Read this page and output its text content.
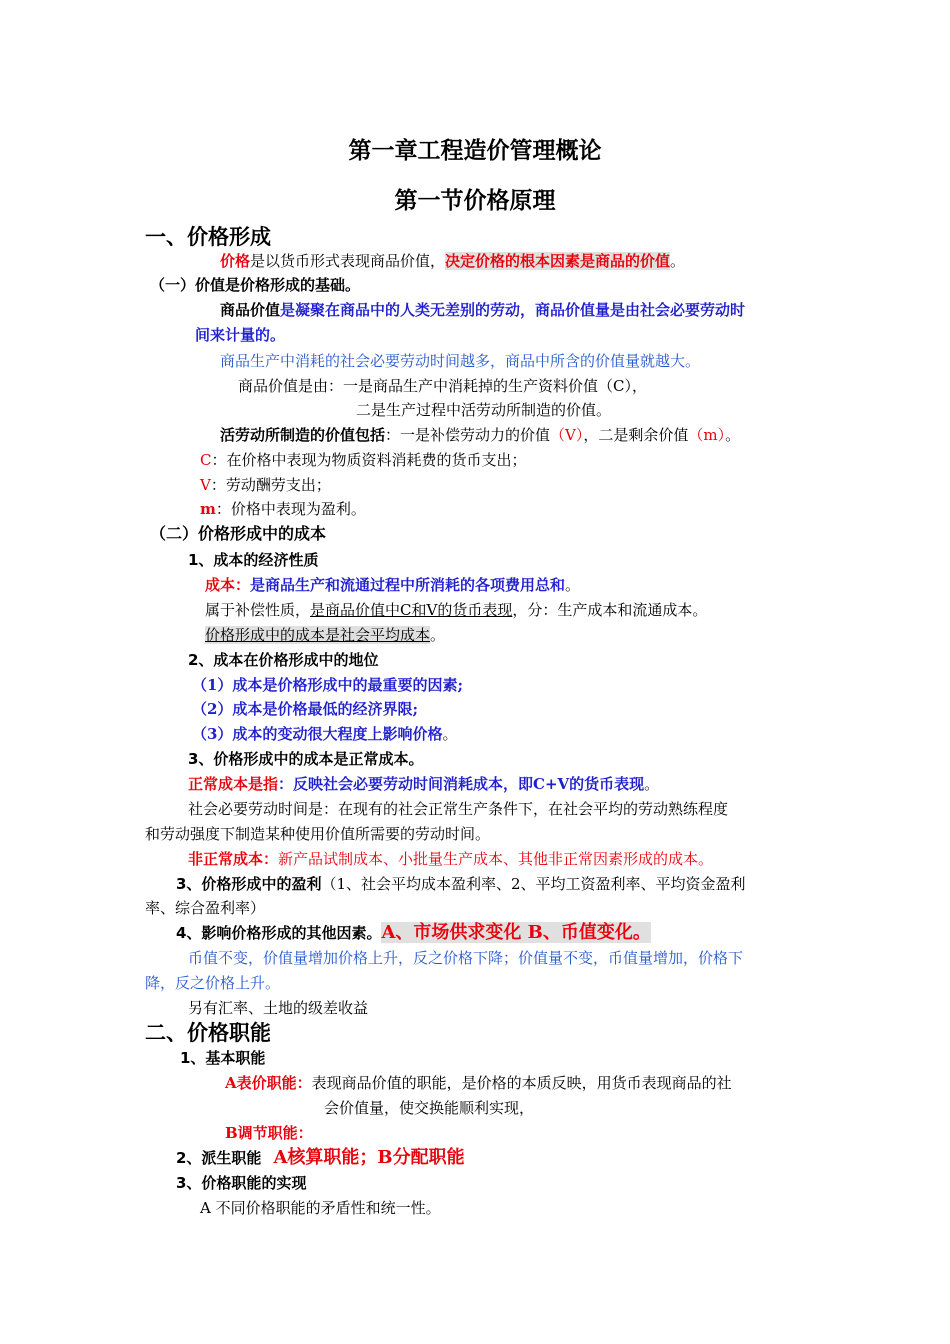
第一章工程造价管理概论
第一节价格原理
一、价格形成
价格是以货币形式表现商品价值，决定价格的根本因素是商品的价值。
（一）价值是价格形成的基础。
商品价值是凝聚在商品中的人类无差别的劳动，商品价值量是由社会必要劳动时
间来计量的。
商品生产中消耗的社会必要劳动时间越多，商品中所含的价值量就越大。
商品价值是由：一是商品生产中消耗掉的生产资料价值（C），
二是生产过程中活劳动所制造的价值。
活劳动所制造的价值包括：一是补偿劳动力的价值（V），二是剩余价值（m）。
C：在价格中表现为物质资料消耗费的货币支出；
V：劳动酬劳支出；
m：价格中表现为盈利。
（二）价格形成中的成本
1、成本的经济性质
成本：是商品生产和流通过程中所消耗的各项费用总和。
属于补偿性质，是商品价值中C和V的货币表现，分：生产成本和流通成本。
价格形成中的成本是社会平均成本。
2、成本在价格形成中的地位
（1）成本是价格形成中的最重要的因素;
（2）成本是价格最低的经济界限;
（3）成本的变动很大程度上影响价格。
3、价格形成中的成本是正常成本。
正常成本是指：反映社会必要劳动时间消耗成本，即C+V的货币表现。
社会必要劳动时间是：在现有的社会正常生产条件下，在社会平均的劳动熟练程度
和劳动强度下制造某种使用价值所需要的劳动时间。
非正常成本：新产品试制成本、小批量生产成本、其他非正常因素形成的成本。
3、价格形成中的盈利（1、社会平均成本盈利率、2、平均工资盈利率、平均资金盈利
率、综合盈利率）
4、影响价格形成的其他因素。A、市场供求变化 B、币值变化。
币值不变，价值量增加价格上升，反之价格下降；价值量不变，币值量增加，价格下
降，反之价格上升。
另有汇率、土地的级差收益
二、价格职能
1、基本职能
A表价职能：表现商品价值的职能，是价格的本质反映，用货币表现商品的社
会价值量，使交换能顺利实现，
B调节职能：
2、派生职能 A核算职能；B分配职能
3、价格职能的实现
A 不同价格职能的矛盾性和统一性。
